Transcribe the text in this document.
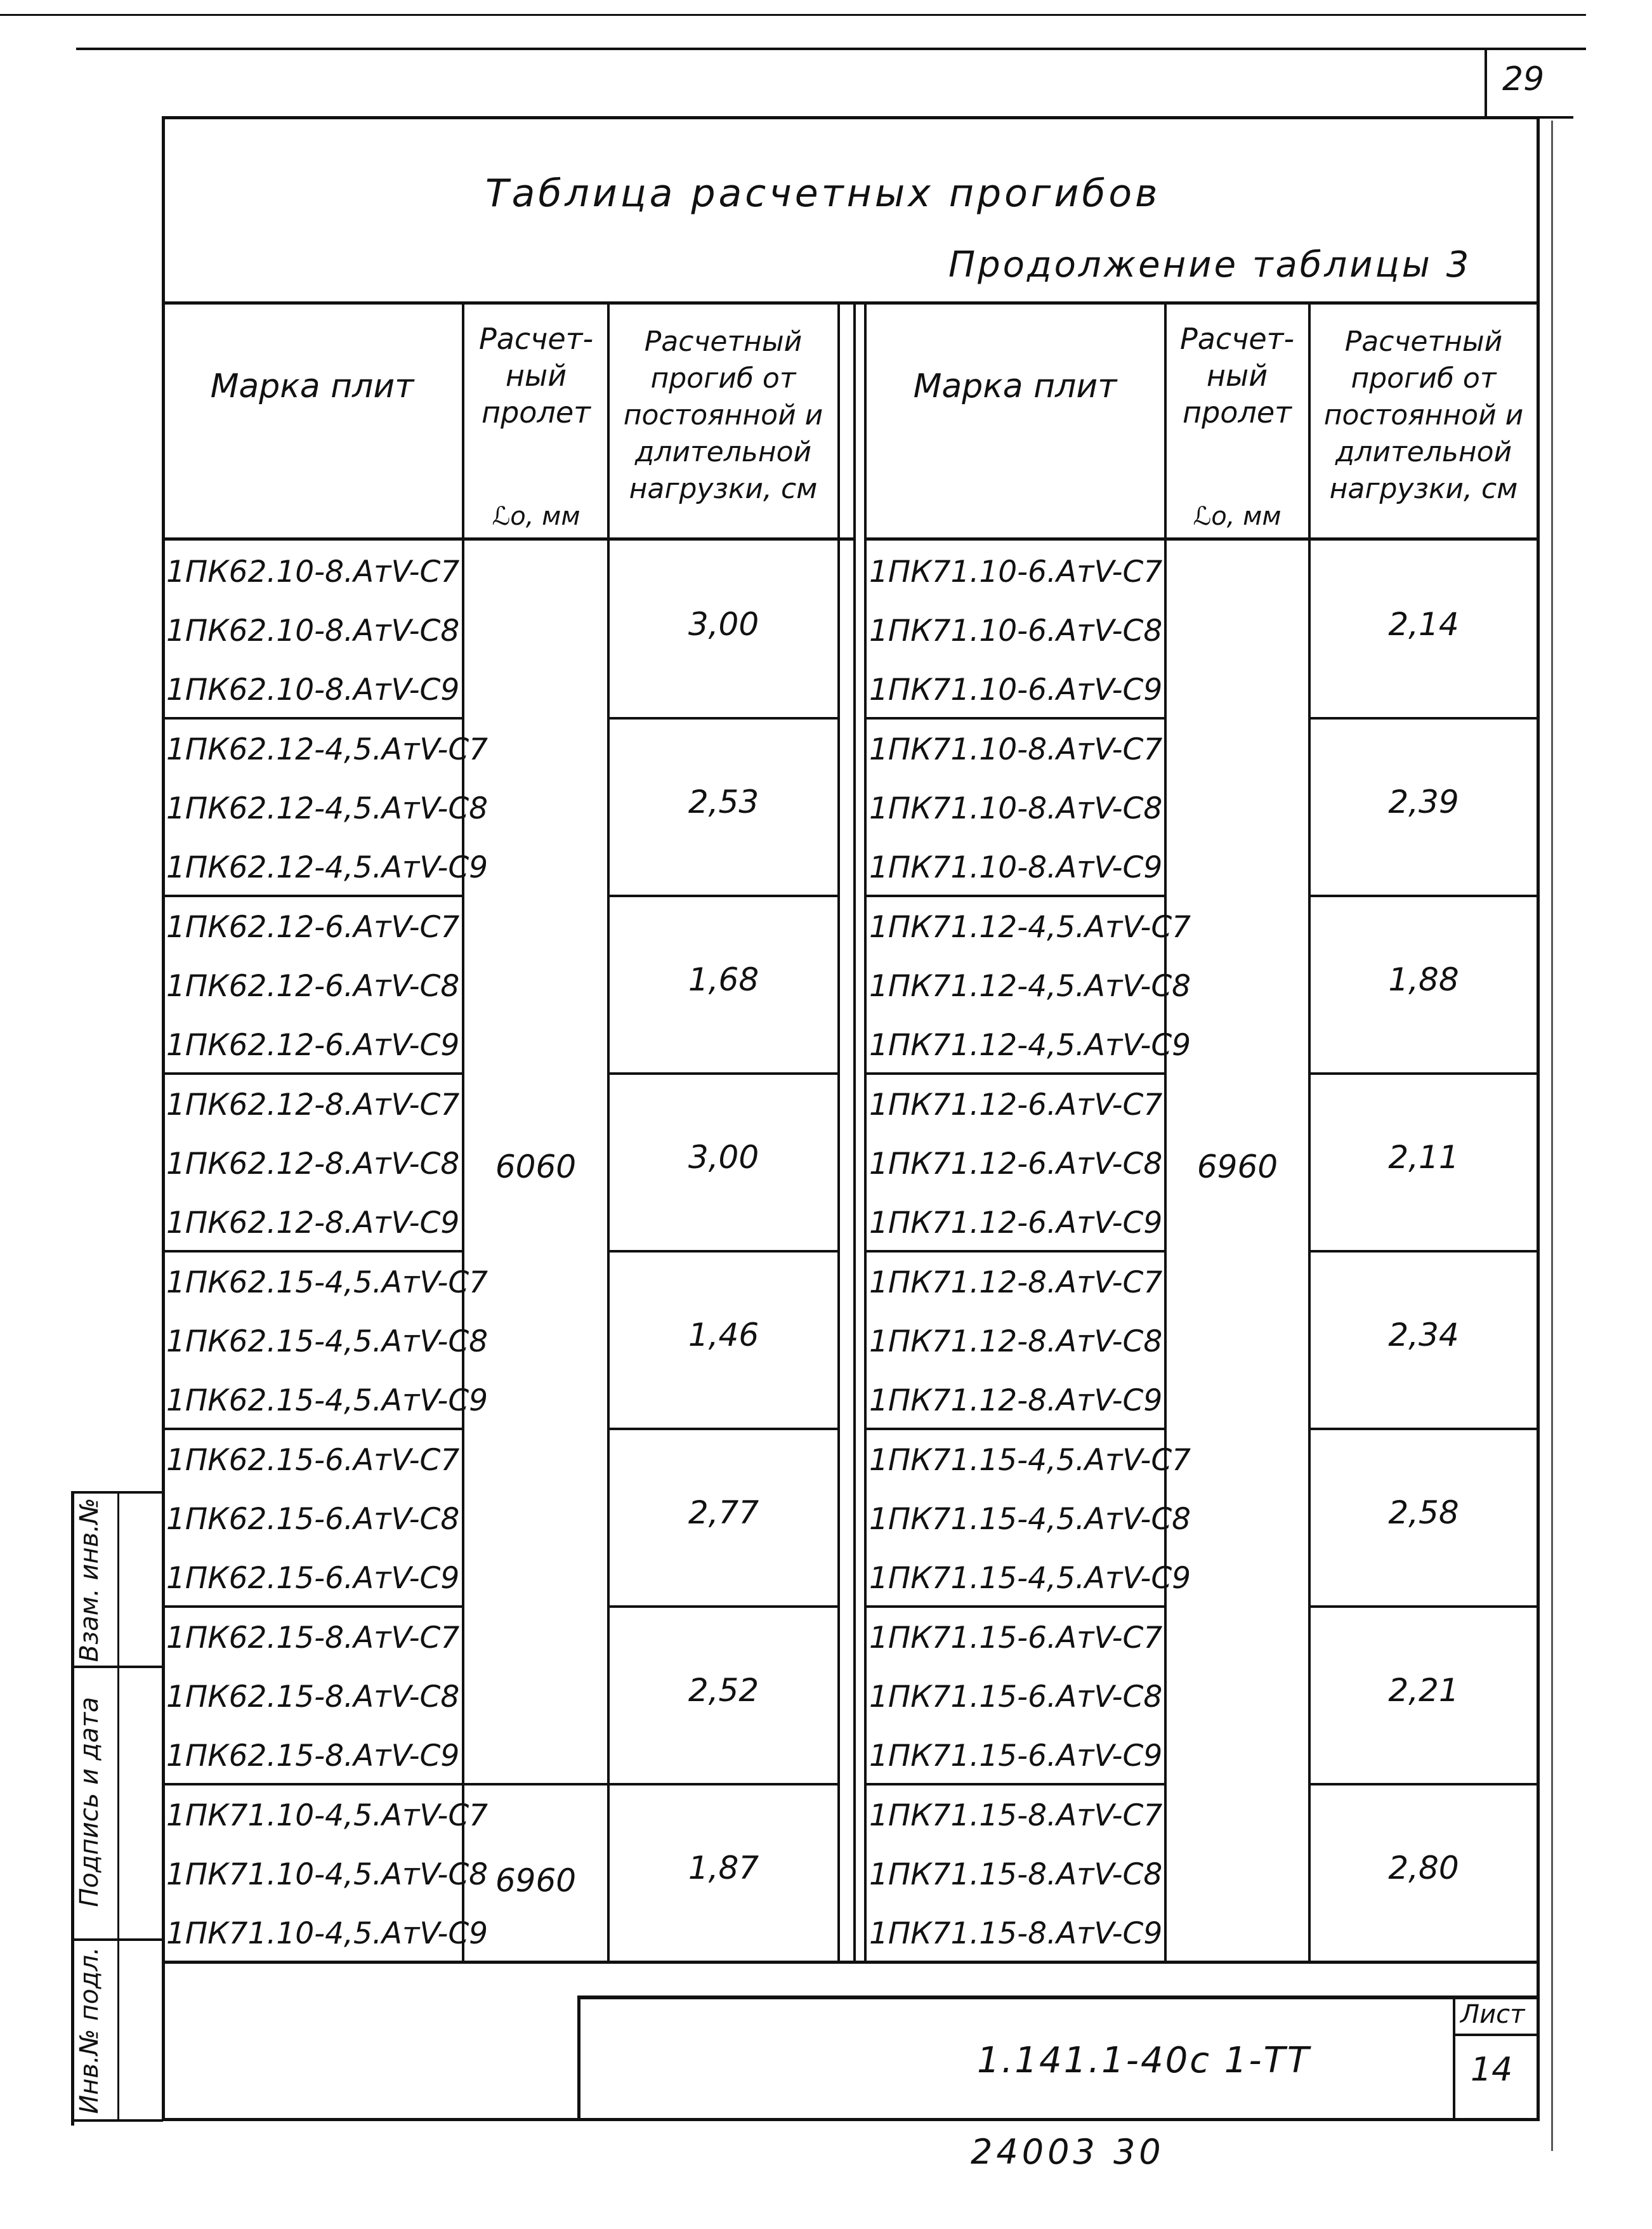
29
Таблица расчетных прогибов
Продолжение таблицы 3
Марка плит
Расчет-ный пролет
ℒо, мм
Расчетный прогиб от постоянной и длительной нагрузки, см
Марка плит
Расчет-ный пролет
ℒо, мм
Расчетный прогиб от постоянной и длительной нагрузки, см
1ПК62.10-8.АтV-С7
1ПК62.10-8.АтV-С8
1ПК62.10-8.АтV-С9
3,00
1ПК62.12-4,5.АтV-С7
1ПК62.12-4,5.АтV-С8
1ПК62.12-4,5.АтV-С9
2,53
1ПК62.12-6.АтV-С7
1ПК62.12-6.АтV-С8
1ПК62.12-6.АтV-С9
1,68
1ПК62.12-8.АтV-С7
1ПК62.12-8.АтV-С8
1ПК62.12-8.АтV-С9
3,00
1ПК62.15-4,5.АтV-С7
1ПК62.15-4,5.АтV-С8
1ПК62.15-4,5.АтV-С9
1,46
1ПК62.15-6.АтV-С7
1ПК62.15-6.АтV-С8
1ПК62.15-6.АтV-С9
2,77
1ПК62.15-8.АтV-С7
1ПК62.15-8.АтV-С8
1ПК62.15-8.АтV-С9
2,52
1ПК71.10-4,5.АтV-С7
1ПК71.10-4,5.АтV-С8
1ПК71.10-4,5.АтV-С9
1,87
1ПК71.10-6.АтV-С7
1ПК71.10-6.АтV-С8
1ПК71.10-6.АтV-С9
2,14
1ПК71.10-8.АтV-С7
1ПК71.10-8.АтV-С8
1ПК71.10-8.АтV-С9
2,39
1ПК71.12-4,5.АтV-С7
1ПК71.12-4,5.АтV-С8
1ПК71.12-4,5.АтV-С9
1,88
1ПК71.12-6.АтV-С7
1ПК71.12-6.АтV-С8
1ПК71.12-6.АтV-С9
2,11
1ПК71.12-8.АтV-С7
1ПК71.12-8.АтV-С8
1ПК71.12-8.АтV-С9
2,34
1ПК71.15-4,5.АтV-С7
1ПК71.15-4,5.АтV-С8
1ПК71.15-4,5.АтV-С9
2,58
1ПК71.15-6.АтV-С7
1ПК71.15-6.АтV-С8
1ПК71.15-6.АтV-С9
2,21
1ПК71.15-8.АтV-С7
1ПК71.15-8.АтV-С8
1ПК71.15-8.АтV-С9
2,80
6060
6960
6960
1.141.1-40с 1-ТТ
Лист
14
Инв.№ подл.
Подпись и дата
Взам. инв.№
24003 30
